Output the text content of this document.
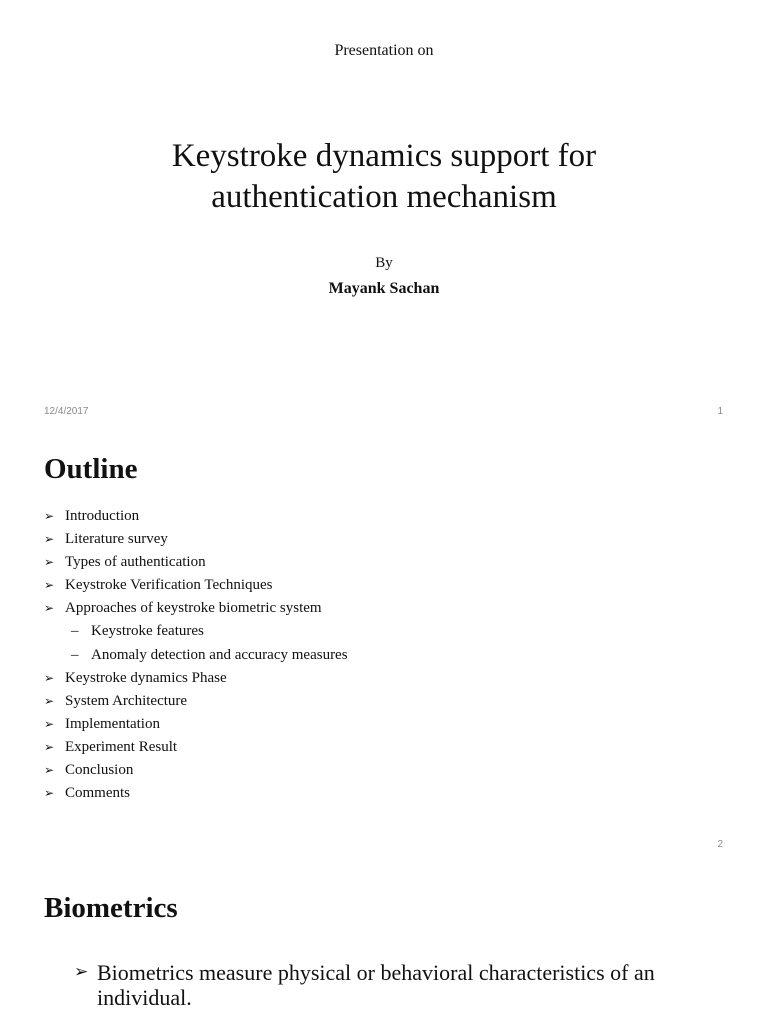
Presentation on
Keystroke dynamics support for
authentication mechanism
By
Mayank Sachan
12/4/2017	1
Outline
➢ Introduction
➢ Literature survey
➢ Types of authentication
➢ Keystroke Verification Techniques
➢ Approaches of keystroke biometric system
– Keystroke features
– Anomaly detection and accuracy measures
➢ Keystroke dynamics Phase
➢ System Architecture
➢ Implementation
➢ Experiment Result
➢ Conclusion
➢ Comments
2
Biometrics
➢ Biometrics measure physical or behavioral characteristics of an individual.
